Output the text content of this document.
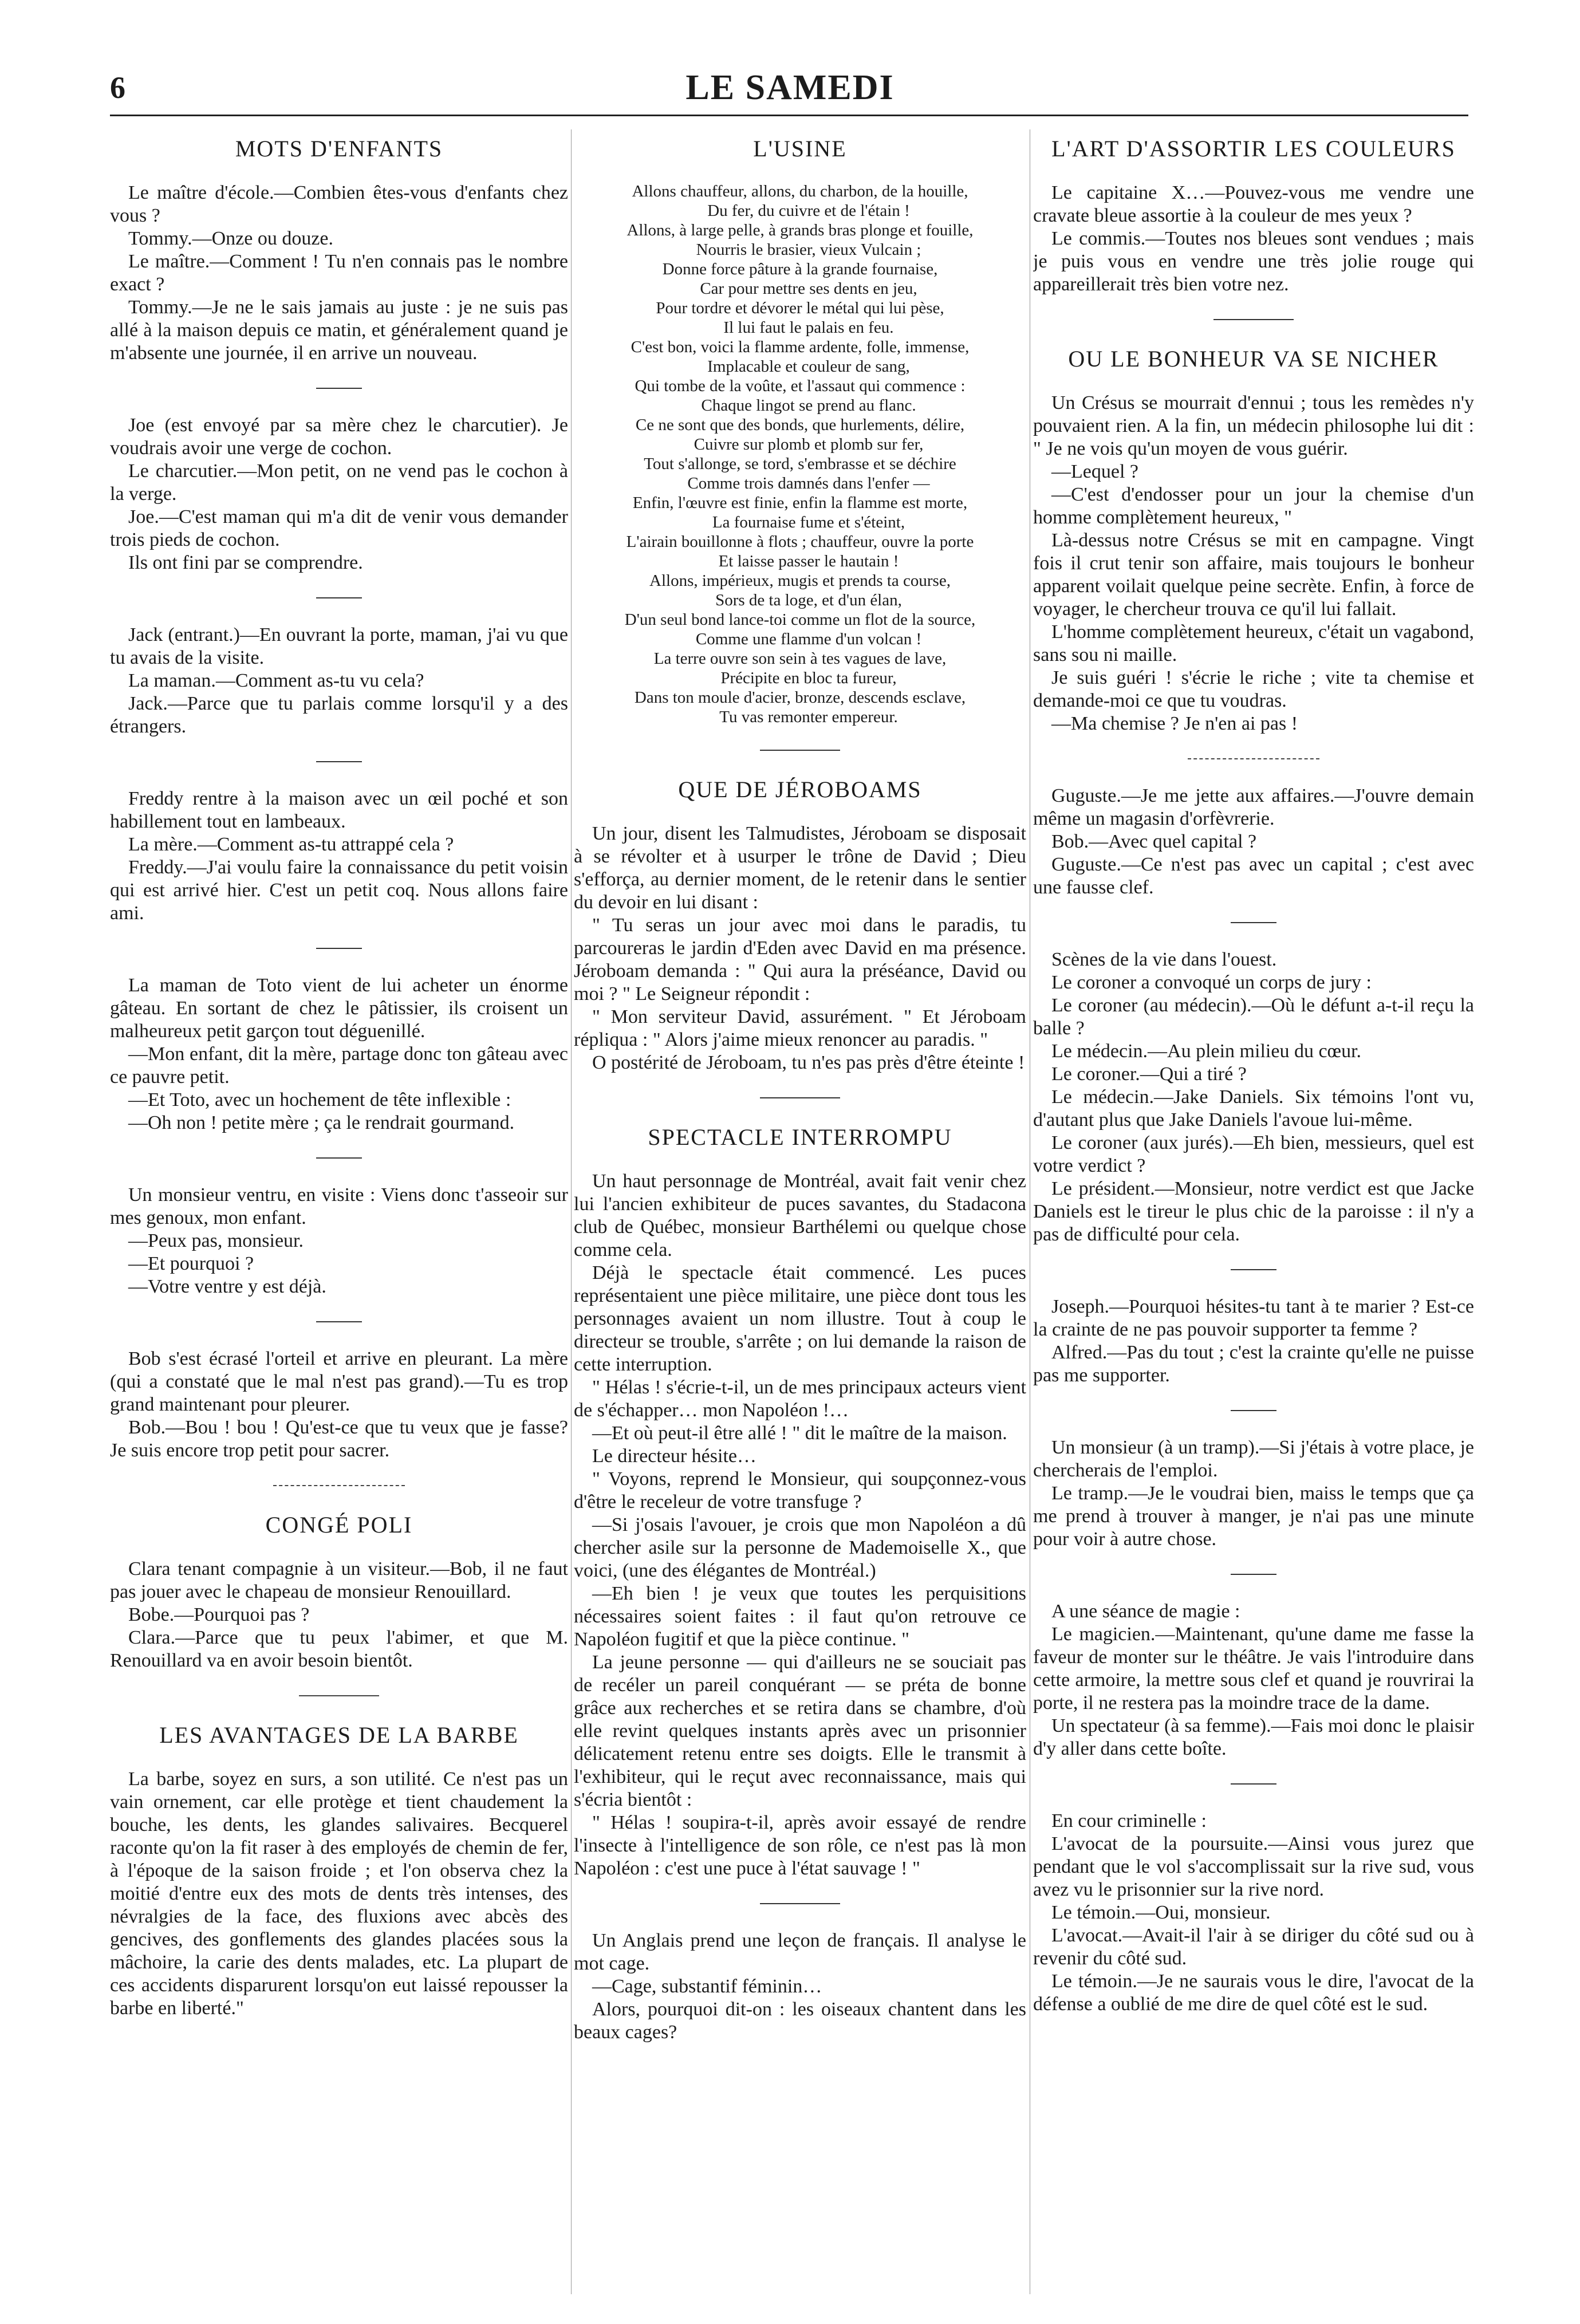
6	LE SAMEDI
MOTS D'ENFANTS

Le maître d'école.—Combien êtes-vous d'enfants chez vous ?

Tommy.—Onze ou douze.

Le maître.—Comment ! Tu n'en connais pas le nombre exact ?

Tommy.—Je ne le sais jamais au juste : je ne suis pas allé à la maison depuis ce matin, et généralement quand je m'absente une journée, il en arrive un nouveau.

Joe (est envoyé par sa mère chez le charcutier). Je voudrais avoir une verge de cochon.

Le charcutier.—Mon petit, on ne vend pas le cochon à la verge.

Joe.—C'est maman qui m'a dit de venir vous demander trois pieds de cochon.

Ils ont fini par se comprendre.

Jack (entrant.)—En ouvrant la porte, maman, j'ai vu que tu avais de la visite.

La maman.—Comment as-tu vu cela?

Jack.—Parce que tu parlais comme lorsqu'il y a des étrangers.

Freddy rentre à la maison avec un œil poché et son habillement tout en lambeaux.

La mère.—Comment as-tu attrappé cela ?

Freddy.—J'ai voulu faire la connaissance du petit voisin qui est arrivé hier. C'est un petit coq. Nous allons faire ami.

La maman de Toto vient de lui acheter un énorme gâteau. En sortant de chez le pâtissier, ils croisent un malheureux petit garçon tout déguenillé.

—Mon enfant, dit la mère, partage donc ton gâteau avec ce pauvre petit.

—Et Toto, avec un hochement de tête inflexible :

—Oh non ! petite mère ; ça le rendrait gourmand.

Un monsieur ventru, en visite : Viens donc t'asseoir sur mes genoux, mon enfant.

—Peux pas, monsieur.

—Et pourquoi ?

—Votre ventre y est déjà.

Bob s'est écrasé l'orteil et arrive en pleurant. La mère (qui a constaté que le mal n'est pas grand).—Tu es trop grand maintenant pour pleurer.

Bob.—Bou ! bou ! Qu'est-ce que tu veux que je fasse? Je suis encore trop petit pour sacrer.

CONGÉ POLI

Clara tenant compagnie à un visiteur.—Bob, il ne faut pas jouer avec le chapeau de monsieur Renouillard.

Bobe.—Pourquoi pas ?

Clara.—Parce que tu peux l'abimer, et que M. Renouillard va en avoir besoin bientôt.

LES AVANTAGES DE LA BARBE

La barbe, soyez en surs, a son utilité. Ce n'est pas un vain ornement, car elle protège et tient chaudement la bouche, les dents, les glandes salivaires. Becquerel raconte qu'on la fit raser à des employés de chemin de fer, à l'époque de la saison froide ; et l'on observa chez la moitié d'entre eux des mots de dents très intenses, des névralgies de la face, des fluxions avec abcès des gencives, des gonflements des glandes placées sous la mâchoire, la carie des dents malades, etc. La plupart de ces accidents disparurent lorsqu'on eut laissé repousser la barbe en liberté."

L'USINE

Allons chauffeur, allons, du charbon, de la houille,

Du fer, du cuivre et de l'étain !

Allons, à large pelle, à grands bras plonge et fouille,

Nourris le brasier, vieux Vulcain ;

Donne force pâture à la grande fournaise,

Car pour mettre ses dents en jeu,

Pour tordre et dévorer le métal qui lui pèse,

Il lui faut le palais en feu.

C'est bon, voici la flamme ardente, folle, immense,

Implacable et couleur de sang,

Qui tombe de la voûte, et l'assaut qui commence :

Chaque lingot se prend au flanc.

Ce ne sont que des bonds, que hurlements, délire,

Cuivre sur plomb et plomb sur fer,

Tout s'allonge, se tord, s'embrasse et se déchire

Comme trois damnés dans l'enfer —

Enfin, l'œuvre est finie, enfin la flamme est morte,

La fournaise fume et s'éteint,

L'airain bouillonne à flots ; chauffeur, ouvre la porte

Et laisse passer le hautain !

Allons, impérieux, mugis et prends ta course,

Sors de ta loge, et d'un élan,

D'un seul bond lance-toi comme un flot de la source,

Comme une flamme d'un volcan !

La terre ouvre son sein à tes vagues de lave,

Précipite en bloc ta fureur,

Dans ton moule d'acier, bronze, descends esclave,

Tu vas remonter empereur.

QUE DE JÉROBOAMS

Un jour, disent les Talmudistes, Jéroboam se disposait à se révolter et à usurper le trône de David ; Dieu s'efforça, au dernier moment, de le retenir dans le sentier du devoir en lui disant :

" Tu seras un jour avec moi dans le paradis, tu parcoureras le jardin d'Eden avec David en ma présence. Jéroboam demanda : " Qui aura la préséance, David ou moi ? " Le Seigneur répondit :

" Mon serviteur David, assurément. " Et Jéroboam répliqua : " Alors j'aime mieux renoncer au paradis. "

O postérité de Jéroboam, tu n'es pas près d'être éteinte !

SPECTACLE INTERROMPU

Un haut personnage de Montréal, avait fait venir chez lui l'ancien exhibiteur de puces savantes, du Stadacona club de Québec, monsieur Barthélemi ou quelque chose comme cela.

Déjà le spectacle était commencé. Les puces représentaient une pièce militaire, une pièce dont tous les personnages avaient un nom illustre. Tout à coup le directeur se trouble, s'arrête ; on lui demande la raison de cette interruption.

" Hélas ! s'écrie-t-il, un de mes principaux acteurs vient de s'échapper… mon Napoléon !…

—Et où peut-il être allé ! " dit le maître de la maison.

Le directeur hésite…

" Voyons, reprend le Monsieur, qui soupçonnez-vous d'être le receleur de votre transfuge ?

—Si j'osais l'avouer, je crois que mon Napoléon a dû chercher asile sur la personne de Mademoiselle X., que voici, (une des élégantes de Montréal.)

—Eh bien ! je veux que toutes les perquisitions nécessaires soient faites : il faut qu'on retrouve ce Napoléon fugitif et que la pièce continue. "

La jeune personne — qui d'ailleurs ne se souciait pas de recéler un pareil conquérant — se préta de bonne grâce aux recherches et se retira dans se chambre, d'où elle revint quelques instants après avec un prisonnier délicatement retenu entre ses doigts. Elle le transmit à l'exhibiteur, qui le reçut avec reconnaissance, mais qui s'écria bientôt :

" Hélas ! soupira-t-il, après avoir essayé de rendre l'insecte à l'intelligence de son rôle, ce n'est pas là mon Napoléon : c'est une puce à l'état sauvage ! "

Un Anglais prend une leçon de français. Il analyse le mot cage.

—Cage, substantif féminin…

Alors, pourquoi dit-on : les oiseaux chantent dans les beaux cages?

L'ART D'ASSORTIR LES COULEURS

Le capitaine X…—Pouvez-vous me vendre une cravate bleue assortie à la couleur de mes yeux ?

Le commis.—Toutes nos bleues sont vendues ; mais je puis vous en vendre une très jolie rouge qui appareillerait très bien votre nez.

OU LE BONHEUR VA SE NICHER

Un Crésus se mourrait d'ennui ; tous les remèdes n'y pouvaient rien. A la fin, un médecin philosophe lui dit : " Je ne vois qu'un moyen de vous guérir.

—Lequel ?

—C'est d'endosser pour un jour la chemise d'un homme complètement heureux, "

Là-dessus notre Crésus se mit en campagne. Vingt fois il crut tenir son affaire, mais toujours le bonheur apparent voilait quelque peine secrète. Enfin, à force de voyager, le chercheur trouva ce qu'il lui fallait.

L'homme complètement heureux, c'était un vagabond, sans sou ni maille.

Je suis guéri ! s'écrie le riche ; vite ta chemise et demande-moi ce que tu voudras.

—Ma chemise ? Je n'en ai pas !

Guguste.—Je me jette aux affaires.—J'ouvre demain même un magasin d'orfèvrerie.

Bob.—Avec quel capital ?

Guguste.—Ce n'est pas avec un capital ; c'est avec une fausse clef.

Scènes de la vie dans l'ouest.

Le coroner a convoqué un corps de jury :

Le coroner (au médecin).—Où le défunt a-t-il reçu la balle ?

Le médecin.—Au plein milieu du cœur.

Le coroner.—Qui a tiré ?

Le médecin.—Jake Daniels. Six témoins l'ont vu, d'autant plus que Jake Daniels l'avoue lui-même.

Le coroner (aux jurés).—Eh bien, messieurs, quel est votre verdict ?

Le président.—Monsieur, notre verdict est que Jacke Daniels est le tireur le plus chic de la paroisse : il n'y a pas de difficulté pour cela.

Joseph.—Pourquoi hésites-tu tant à te marier ? Est-ce la crainte de ne pas pouvoir supporter ta femme ?

Alfred.—Pas du tout ; c'est la crainte qu'elle ne puisse pas me supporter.

Un monsieur (à un tramp).—Si j'étais à votre place, je chercherais de l'emploi.

Le tramp.—Je le voudrai bien, maiss le temps que ça me prend à trouver à manger, je n'ai pas une minute pour voir à autre chose.

A une séance de magie :

Le magicien.—Maintenant, qu'une dame me fasse la faveur de monter sur le théâtre. Je vais l'introduire dans cette armoire, la mettre sous clef et quand je rouvrirai la porte, il ne restera pas la moindre trace de la dame.

Un spectateur (à sa femme).—Fais moi donc le plaisir d'y aller dans cette boîte.

En cour criminelle :

L'avocat de la poursuite.—Ainsi vous jurez que pendant que le vol s'accomplissait sur la rive sud, vous avez vu le prisonnier sur la rive nord.

Le témoin.—Oui, monsieur.

L'avocat.—Avait-il l'air à se diriger du côté sud ou à revenir du côté sud.

Le témoin.—Je ne saurais vous le dire, l'avocat de la défense a oublié de me dire de quel côté est le sud.
